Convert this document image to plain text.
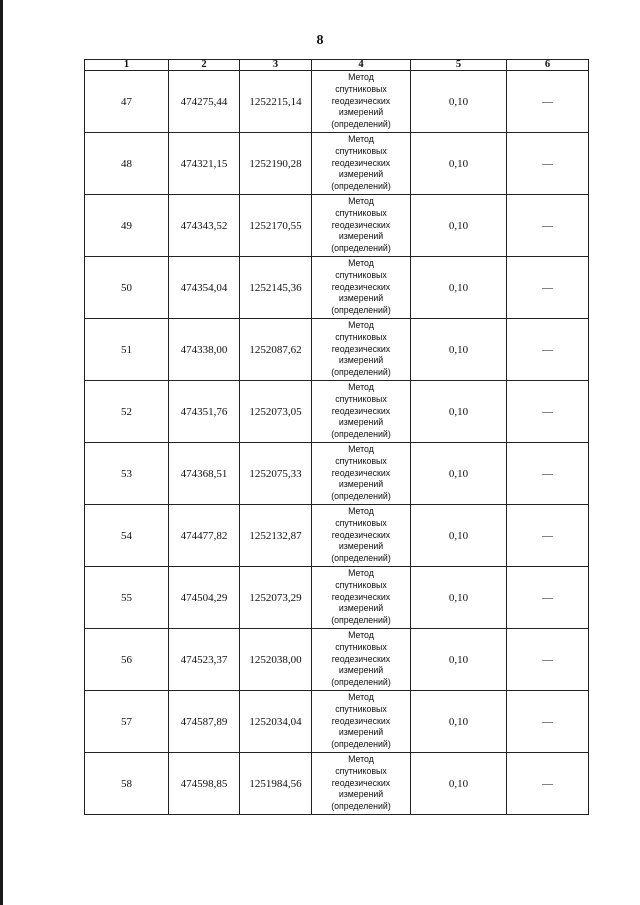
8
1	2	3	4	5	6
47	474275,44	1252215,14	Метод
спутниковых
геодезических
измерений
(определений)	0,10	—
48	474321,15	1252190,28	Метод
спутниковых
геодезических
измерений
(определений)	0,10	—
49	474343,52	1252170,55	Метод
спутниковых
геодезических
измерений
(определений)	0,10	—
50	474354,04	1252145,36	Метод
спутниковых
геодезических
измерений
(определений)	0,10	—
51	474338,00	1252087,62	Метод
спутниковых
геодезических
измерений
(определений)	0,10	—
52	474351,76	1252073,05	Метод
спутниковых
геодезических
измерений
(определений)	0,10	—
53	474368,51	1252075,33	Метод
спутниковых
геодезических
измерений
(определений)	0,10	—
54	474477,82	1252132,87	Метод
спутниковых
геодезических
измерений
(определений)	0,10	—
55	474504,29	1252073,29	Метод
спутниковых
геодезических
измерений
(определений)	0,10	—
56	474523,37	1252038,00	Метод
спутниковых
геодезических
измерений
(определений)	0,10	—
57	474587,89	1252034,04	Метод
спутниковых
геодезических
измерений
(определений)	0,10	—
58	474598,85	1251984,56	Метод
спутниковых
геодезических
измерений
(определений)	0,10	—
